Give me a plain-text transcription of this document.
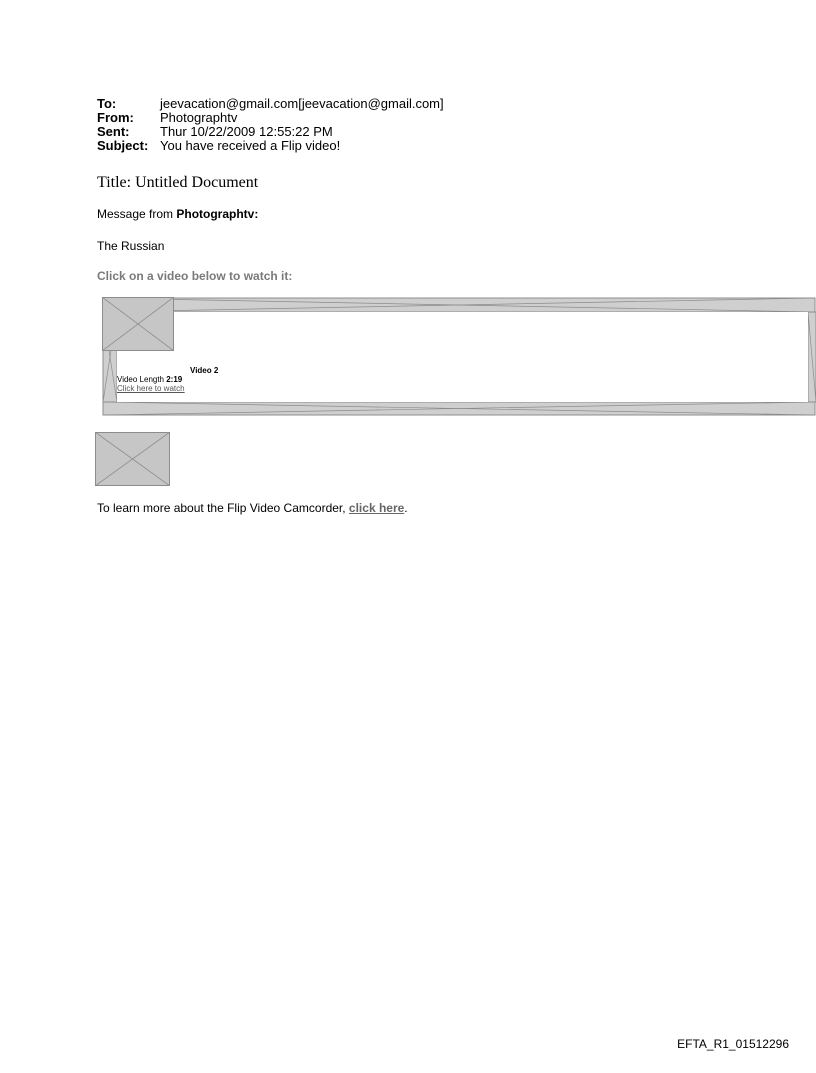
To:	jeevacation@gmail.com[jeevacation@gmail.com]
From:	Photographtv
Sent:	Thur 10/22/2009 12:55:22 PM
Subject: You have received a Flip video!
Title: Untitled Document
Message from Photographtv:
The Russian
Click on a video below to watch it:
Video 2
Video Length 2:19
Click here to watch
To learn more about the Flip Video Camcorder, click here.
EFTA_R1_01512296
